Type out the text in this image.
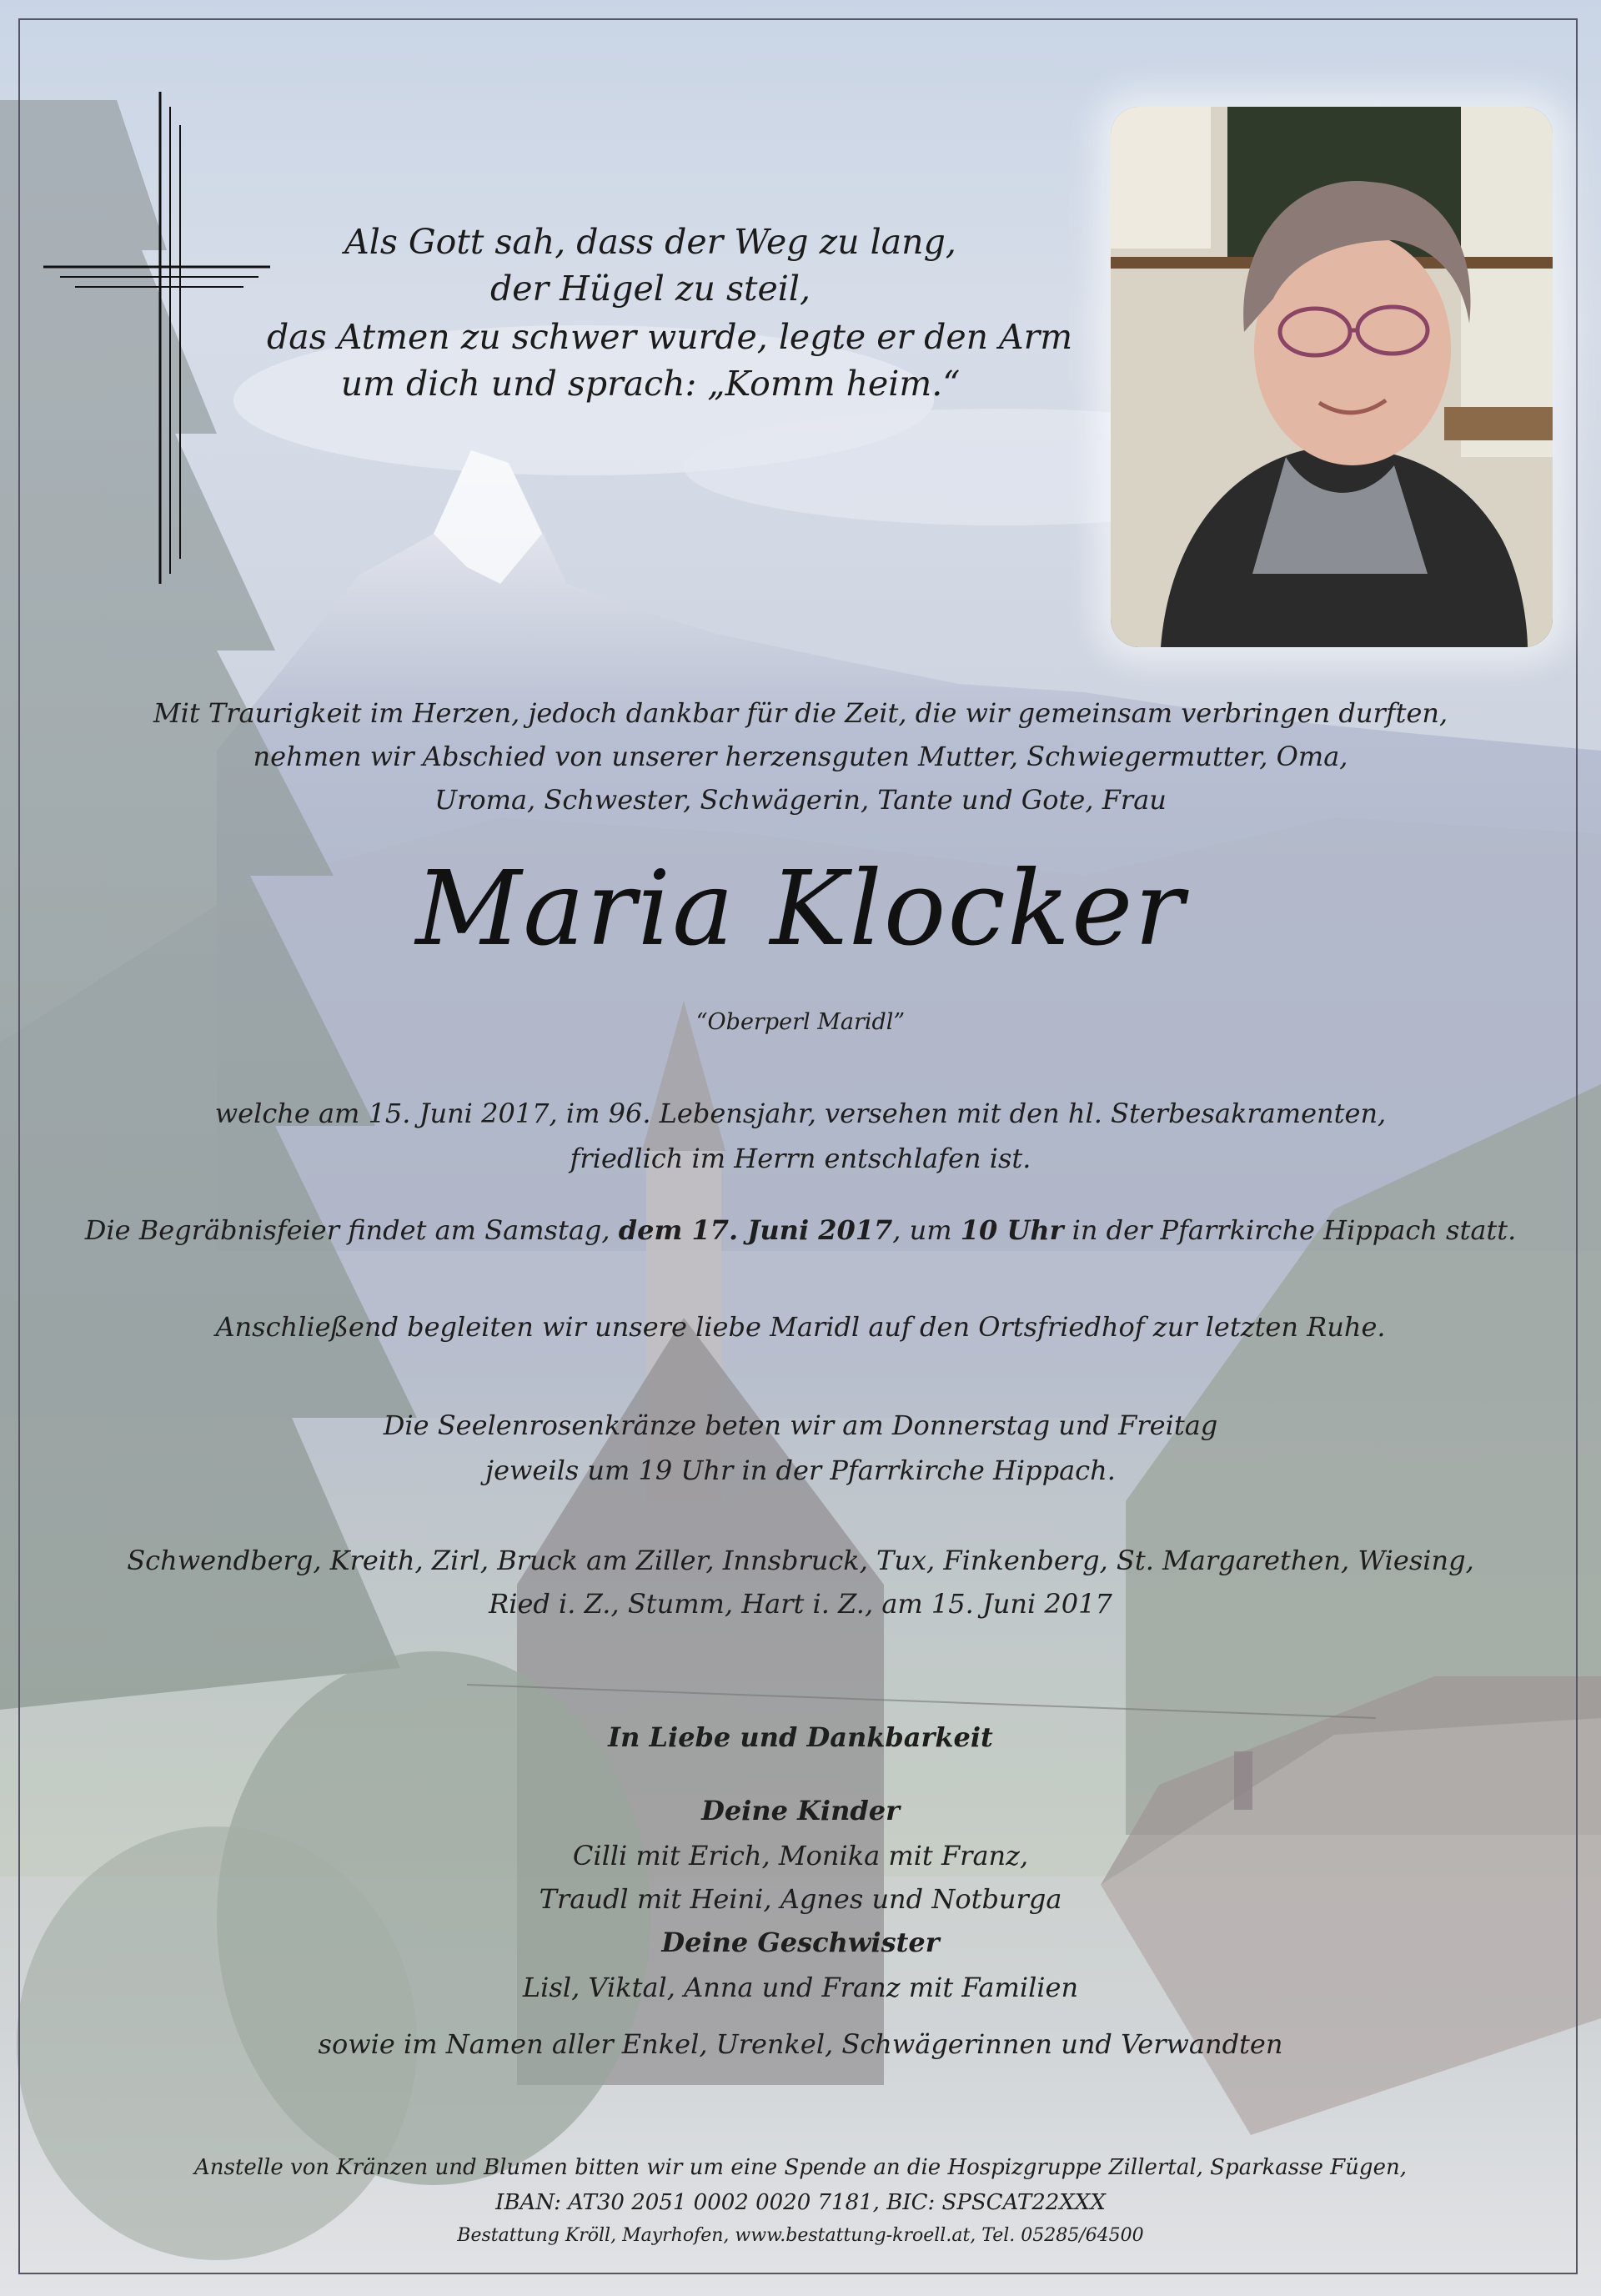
Als Gott sah, dass der Weg zu lang,
der Hügel zu steil,
das Atmen zu schwer wurde, legte er den Arm
um dich und sprach: „Komm heim.“
Mit Traurigkeit im Herzen, jedoch dankbar für die Zeit, die wir gemeinsam verbringen durften,
nehmen wir Abschied von unserer herzensguten Mutter, Schwiegermutter, Oma,
Uroma, Schwester, Schwägerin, Tante und Gote, Frau
Maria Klocker
“Oberperl Maridl”
welche am 15. Juni 2017, im 96. Lebensjahr, versehen mit den hl. Sterbesakramenten,
friedlich im Herrn entschlafen ist.
Die Begräbnisfeier findet am Samstag, dem 17. Juni 2017, um 10 Uhr in der Pfarrkirche Hippach statt.
Anschließend begleiten wir unsere liebe Maridl auf den Ortsfriedhof zur letzten Ruhe.
Die Seelenrosenkränze beten wir am Donnerstag und Freitag
jeweils um 19 Uhr in der Pfarrkirche Hippach.
Schwendberg, Kreith, Zirl, Bruck am Ziller, Innsbruck, Tux, Finkenberg, St. Margarethen, Wiesing,
Ried i. Z., Stumm, Hart i. Z., am 15. Juni 2017
In Liebe und Dankbarkeit
Deine Kinder
Cilli mit Erich, Monika mit Franz,
Traudl mit Heini, Agnes und Notburga
Deine Geschwister
Lisl, Viktal, Anna und Franz mit Familien
sowie im Namen aller Enkel, Urenkel, Schwägerinnen und Verwandten
Anstelle von Kränzen und Blumen bitten wir um eine Spende an die Hospizgruppe Zillertal, Sparkasse Fügen,
IBAN: AT30 2051 0002 0020 7181, BIC: SPSCAT22XXX
Bestattung Kröll, Mayrhofen, www.bestattung-kroell.at, Tel. 05285/64500
